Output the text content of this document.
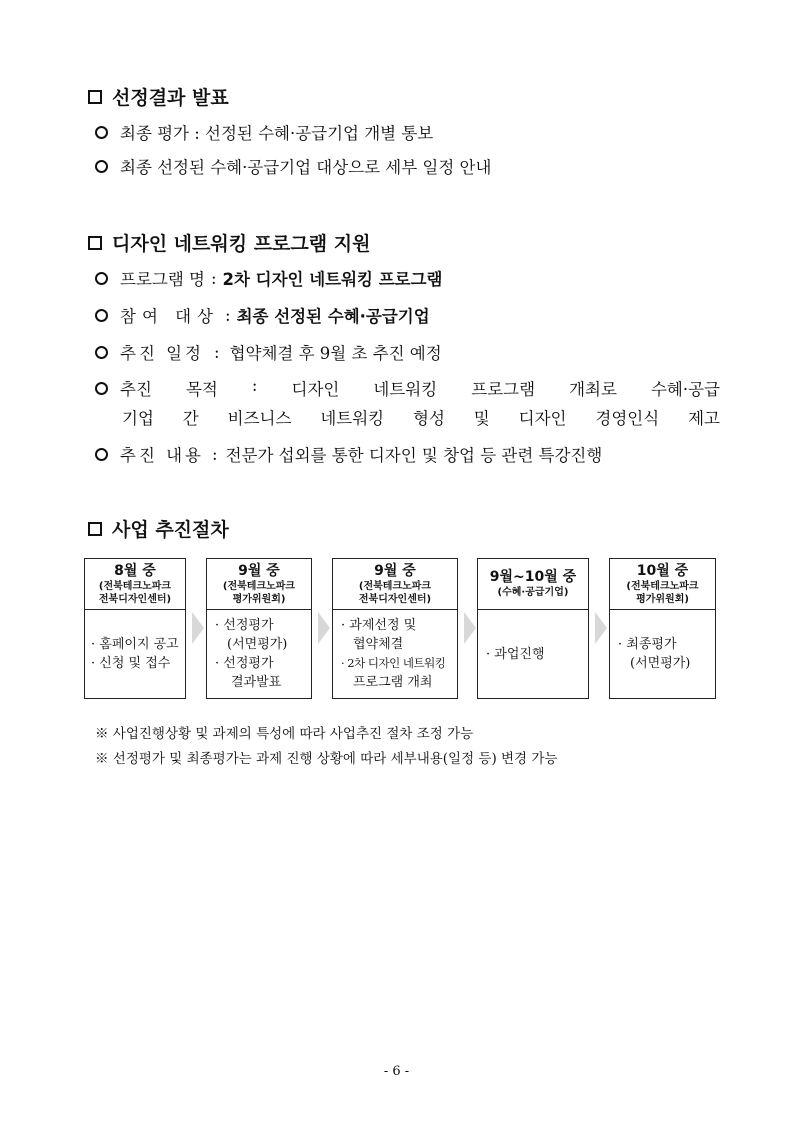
선정결과 발표
최종 평가 : 선정된 수혜·공급기업 개별 통보
최종 선정된 수혜·공급기업 대상으로 세부 일정 안내
디자인 네트워킹 프로그램 지원
프로그램 명 : 2차 디자인 네트워킹 프로그램
참여 대상 : 최종 선정된 수혜·공급기업
추진 일정 : 협약체결 후 9월 초 추진 예정
추진 목적 : 디자인 네트워킹 프로그램 개최로 수혜·공급
기업 간 비즈니스 네트워킹 형성 및 디자인 경영인식 제고
추진 내용 : 전문가 섭외를 통한 디자인 및 창업 등 관련 특강진행
사업 추진절차
8월 중
(전북테크노파크
전북디자인센터)
· 홈페이지 공고
· 신청 및 접수
9월 중
(전북테크노파크
평가위원회)
· 선정평가
(서면평가)
· 선정평가
결과발표
9월 중
(전북테크노파크
전북디자인센터)
· 과제선정 및
협약체결
· 2차 디자인 네트워킹
프로그램 개최
9월~10월 중
(수혜·공급기업)
· 과업진행
10월 중
(전북테크노파크
평가위원회)
· 최종평가
(서면평가)
※ 사업진행상황 및 과제의 특성에 따라 사업추진 절차 조정 가능
※ 선정평가 및 최종평가는 과제 진행 상황에 따라 세부내용(일정 등) 변경 가능
- 6 -
